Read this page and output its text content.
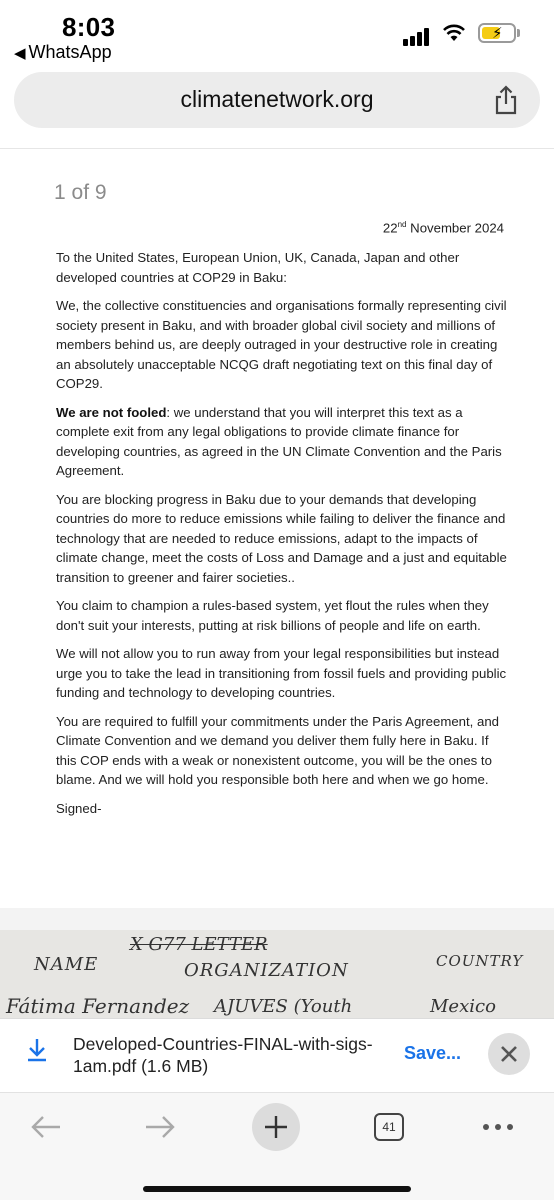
8:03
◀ WhatsApp
⚡
climatenetwork.org
1 of 9
22nd November 2024

To the United States, European Union, UK, Canada, Japan and other developed countries at COP29 in Baku:

We, the collective constituencies and organisations formally representing civil society present in Baku, and with broader global civil society and millions of members behind us, are deeply outraged in your destructive role in creating an absolutely unacceptable NCQG draft negotiating text on this final day of COP29.

We are not fooled: we understand that you will interpret this text as a complete exit from any legal obligations to provide climate finance for developing countries, as agreed in the UN Climate Convention and the Paris Agreement.

You are blocking progress in Baku due to your demands that developing countries do more to reduce emissions while failing to deliver the finance and technology that are needed to reduce emissions, adapt to the impacts of climate change, meet the costs of Loss and Damage and a just and equitable transition to greener and fairer societies..

You claim to champion a rules-based system, yet flout the rules when they don't suit your interests, putting at risk billions of people and life on earth.

We will not allow you to run away from your legal responsibilities but instead urge you to take the lead in transitioning from fossil fuels and providing public funding and technology to developing countries.

You are required to fulfill your commitments under the Paris Agreement, and Climate Convention and we demand you deliver them fully here in Baku. If this COP ends with a weak or nonexistent outcome, you will be the ones to blame. And we will hold you responsible both here and when we go home.

Signed-

NAME
X G77 LETTER
ORGANIZATION	COUNTRY
Fátima Fernandez AJUVES (Youth	Mexico
Developed-Countries-FINAL-with-sigs-1am.pdf (1.6 MB)
Save...
41
